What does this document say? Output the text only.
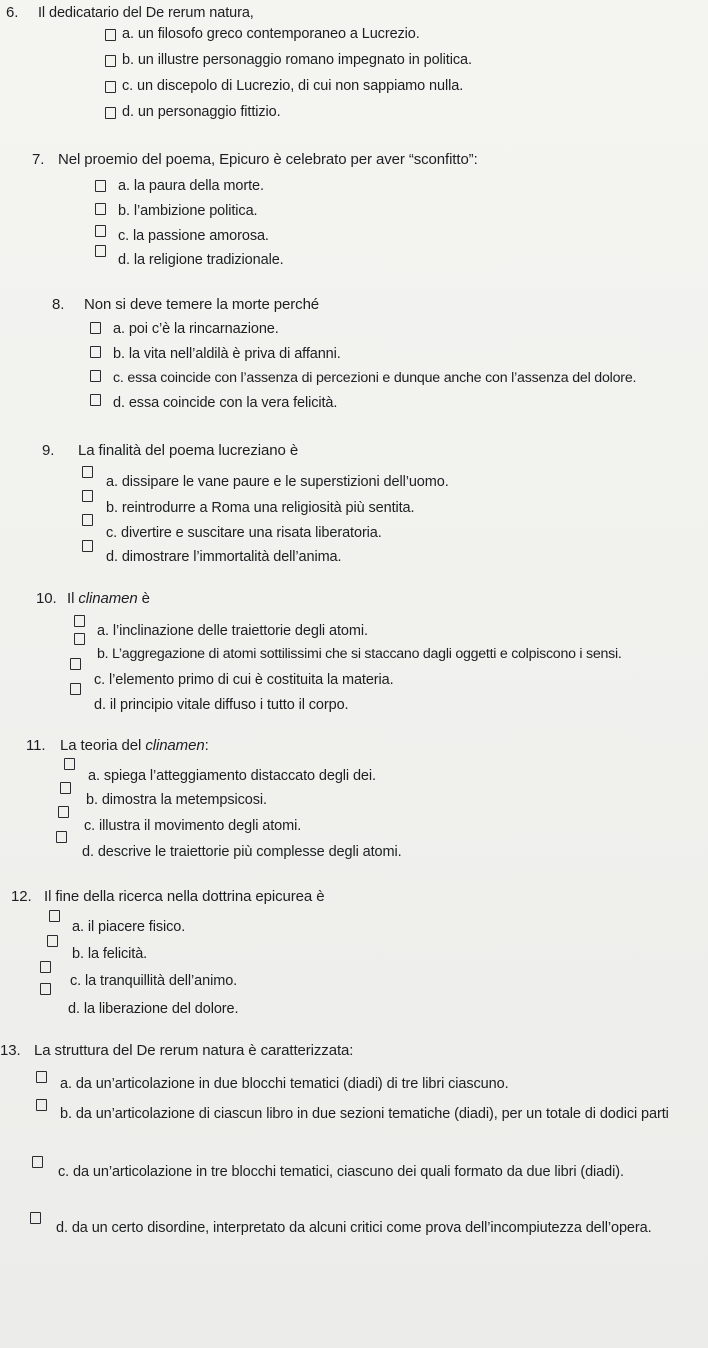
6. Il dedicatario del De rerum natura,
a. un filosofo greco contemporaneo a Lucrezio.
b. un illustre personaggio romano impegnato in politica.
c. un discepolo di Lucrezio, di cui non sappiamo nulla.
d. un personaggio fittizio.
7. Nel proemio del poema, Epicuro è celebrato per aver “sconfitto”:
a. la paura della morte.
b. l’ambizione politica.
c. la passione amorosa.
d. la religione tradizionale.
8. Non si deve temere la morte perché
a. poi c’è la rincarnazione.
b. la vita nell’aldilà è priva di affanni.
c. essa coincide con l’assenza di percezioni e dunque anche con l’assenza del dolore.
d. essa coincide con la vera felicità.
9. La finalità del poema lucreziano è
a. dissipare le vane paure e le superstizioni dell’uomo.
b. reintrodurre a Roma una religiosità più sentita.
c. divertire e suscitare una risata liberatoria.
d. dimostrare l’immortalità dell’anima.
10. Il clinamen è
a. l’inclinazione delle traiettorie degli atomi.
b. L’aggregazione di atomi sottilissimi che si staccano dagli oggetti e colpiscono i sensi.
c. l’elemento primo di cui è costituita la materia.
d. il principio vitale diffuso i tutto il corpo.
11. La teoria del clinamen:
a. spiega l’atteggiamento distaccato degli dei.
b. dimostra la metempsicosi.
c. illustra il movimento degli atomi.
d. descrive le traiettorie più complesse degli atomi.
12. Il fine della ricerca nella dottrina epicurea è
a. il piacere fisico.
b. la felicità.
c. la tranquillità dell’animo.
d. la liberazione del dolore.
13. La struttura del De rerum natura è caratterizzata:
a. da un’articolazione in due blocchi tematici (diadi) di tre libri ciascuno.
b. da un’articolazione di ciascun libro in due sezioni tematiche (diadi), per un totale di dodici parti
c. da un’articolazione in tre blocchi tematici, ciascuno dei quali formato da due libri (diadi).
d. da un certo disordine, interpretato da alcuni critici come prova dell’incompiutezza dell’opera.
